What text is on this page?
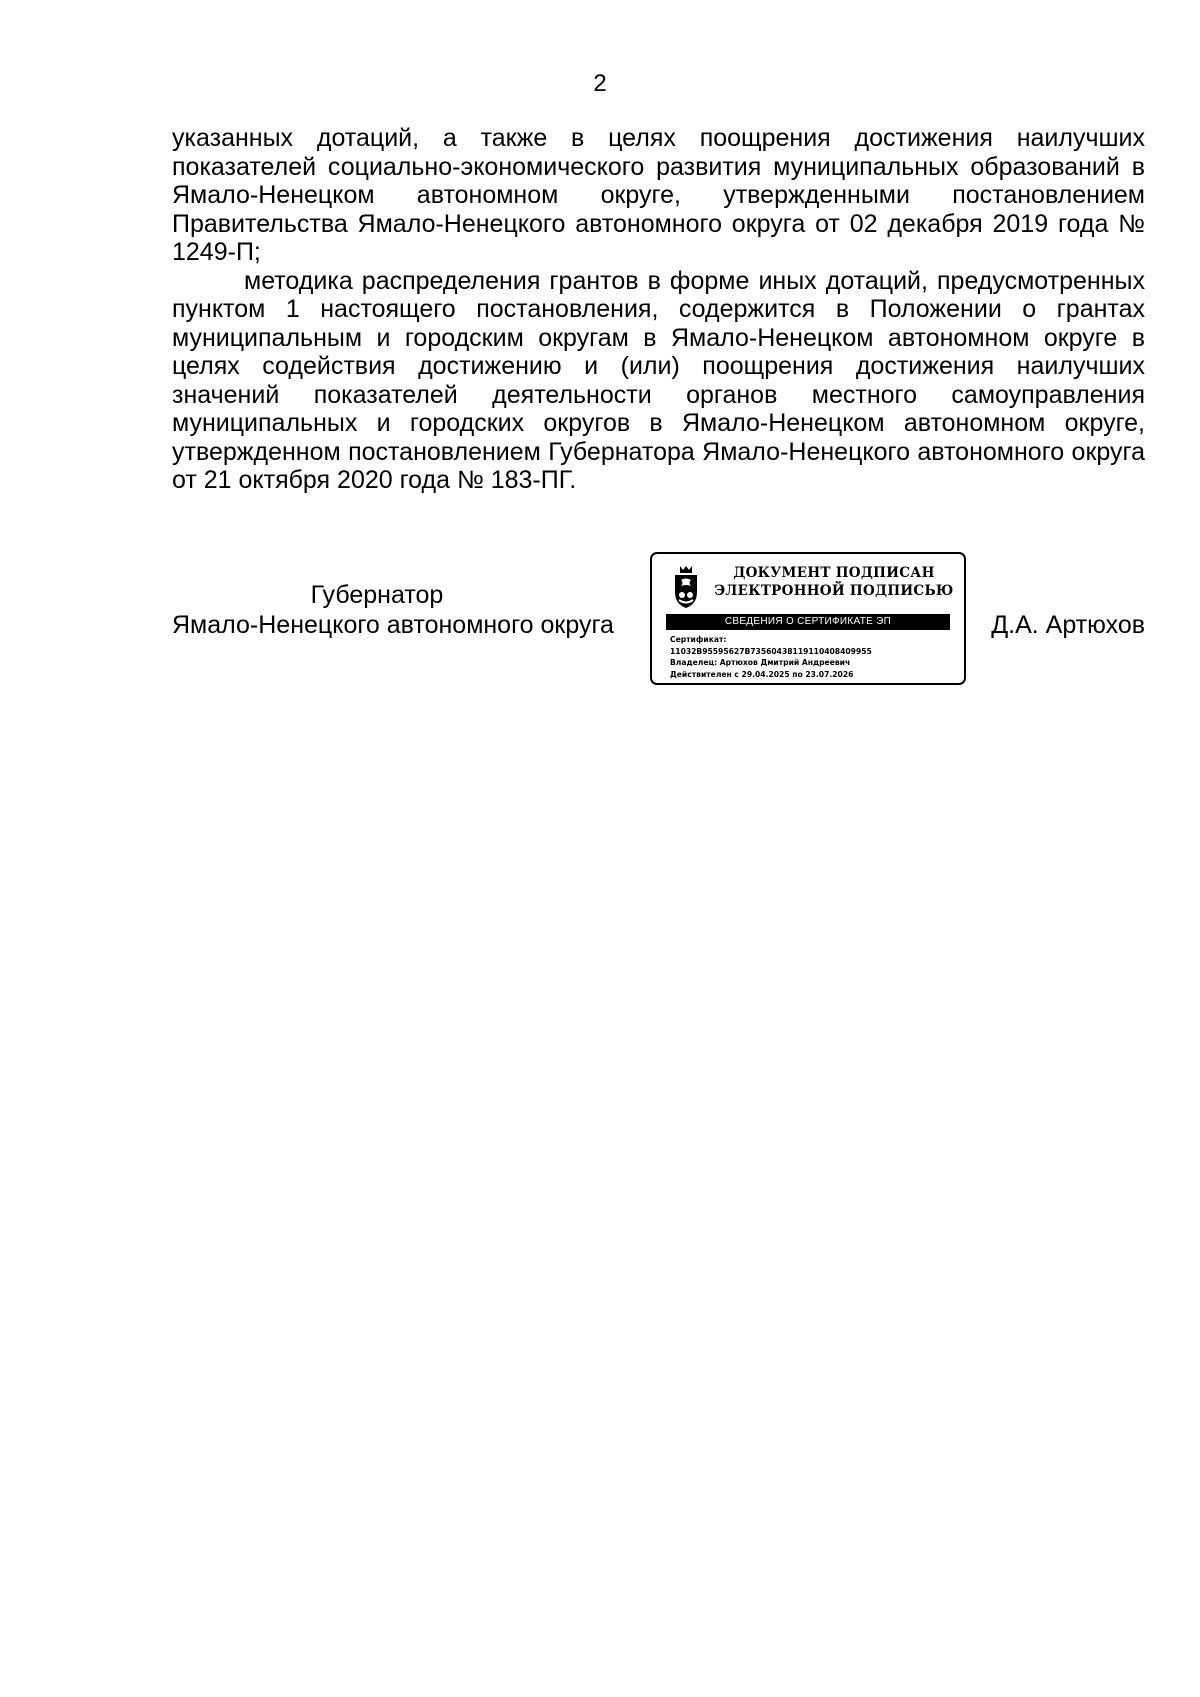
2

указанных дотаций, а также в целях поощрения достижения наилучших показателей социально-экономического развития муниципальных образований в Ямало-Ненецком автономном округе, утвержденными постановлением Правительства Ямало-Ненецкого автономного округа от 02 декабря 2019 года № 1249-П;

методика распределения грантов в форме иных дотаций, предусмотренных пунктом 1 настоящего постановления, содержится в Положении о грантах муниципальным и городским округам в Ямало-Ненецком автономном округе в целях содействия достижению и (или) поощрения достижения наилучших значений показателей деятельности органов местного самоуправления муниципальных и городских округов в Ямало-Ненецком автономном округе, утвержденном постановлением Губернатора Ямало-Ненецкого автономного округа от 21 октября 2020 года № 183-ПГ.

Губернатор
Ямало-Ненецкого автономного округа
ДОКУМЕНТ ПОДПИСАН
ЭЛЕКТРОННОЙ ПОДПИСЬЮ
СВЕДЕНИЯ О СЕРТИФИКАТЕ ЭП
Сертификат:
11032B95595627B73560438119110408409955
Владелец: Артюхов Дмитрий Андреевич
Действителен с 29.04.2025 по 23.07.2026
Д.А. Артюхов
